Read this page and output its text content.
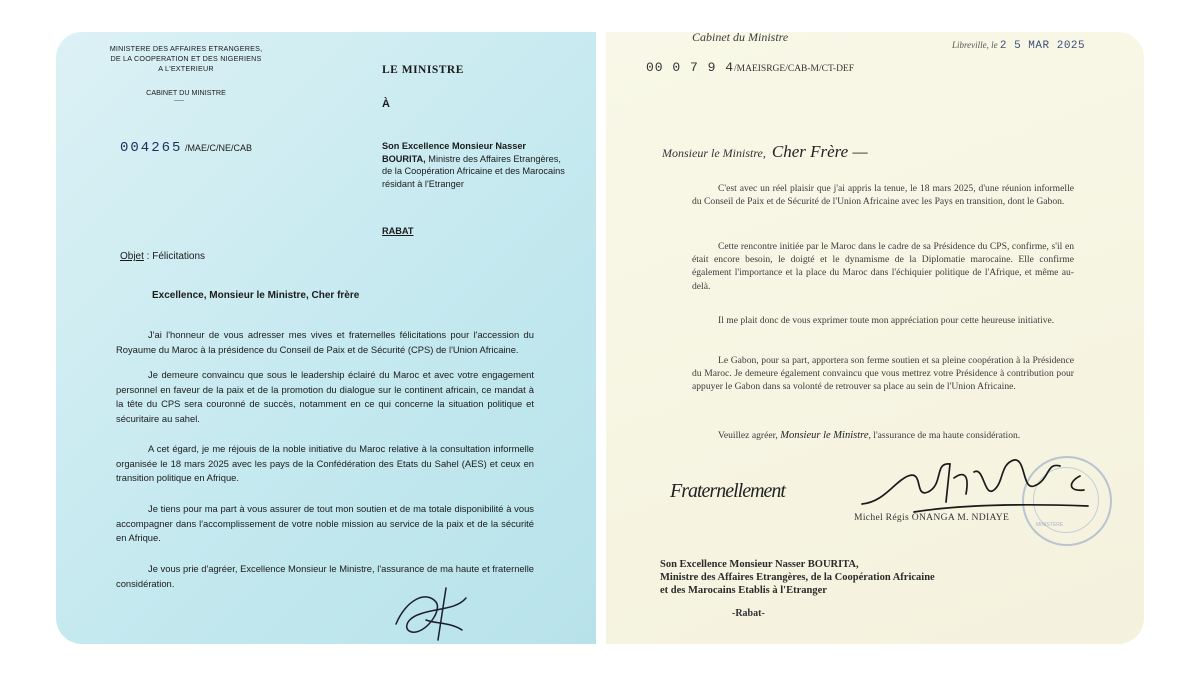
MINISTERE DES AFFAIRES ETRANGERES,
DE LA COOPERATION ET DES NIGERIENS
A L'EXTERIEUR
CABINET DU MINISTRE
--------------
LE MINISTRE
À
004265 /MAE/C/NE/CAB	Son Excellence Monsieur Nasser BOURITA, Ministre des Affaires Etrangères, de la Coopération Africaine et des Marocains résidant à l'Etranger
RABAT
Objet : Félicitations
Excellence, Monsieur le Ministre, Cher frère

J'ai l'honneur de vous adresser mes vives et fraternelles félicitations pour l'accession du Royaume du Maroc à la présidence du Conseil de Paix et de Sécurité (CPS) de l'Union Africaine.

Je demeure convaincu que sous le leadership éclairé du Maroc et avec votre engagement personnel en faveur de la paix et de la promotion du dialogue sur le continent africain, ce mandat à la tête du CPS sera couronné de succès, notamment en ce qui concerne la situation politique et sécuritaire au sahel.

A cet égard, je me réjouis de la noble initiative du Maroc relative à la consultation informelle organisée le 18 mars 2025 avec les pays de la Confédération des Etats du Sahel (AES) et ceux en transition politique en Afrique.

Je tiens pour ma part à vous assurer de tout mon soutien et de ma totale disponibilité à vous accompagner dans l'accomplissement de votre noble mission au service de la paix et de la sécurité en Afrique.

Je vous prie d'agréer, Excellence Monsieur le Ministre, l'assurance de ma haute et fraternelle considération.

Cabinet du Ministre
Libreville, le 2 5 MAR 2025
00 0 7 9 4/MAEISRGE/CAB-M/CT-DEF
Monsieur le Ministre, Cher Frère —

C'est avec un réel plaisir que j'ai appris la tenue, le 18 mars 2025, d'une réunion informelle du Conseil de Paix et de Sécurité de l'Union Africaine avec les Pays en transition, dont le Gabon.

Cette rencontre initiée par le Maroc dans le cadre de sa Présidence du CPS, confirme, s'il en était encore besoin, le doigté et le dynamisme de la Diplomatie marocaine. Elle confirme également l'importance et la place du Maroc dans l'échiquier politique de l'Afrique, et même au-delà.

Il me plait donc de vous exprimer toute mon appréciation pour cette heureuse initiative.

Le Gabon, pour sa part, apportera son ferme soutien et sa pleine coopération à la Présidence du Maroc. Je demeure également convaincu que vous mettrez votre Présidence à contribution pour appuyer le Gabon dans sa volonté de retrouver sa place au sein de l'Union Africaine.

Veuillez agréer, Monsieur le Ministre, l'assurance de ma haute considération.
MINISTERE
Fraternellement
Michel Régis ONANGA M. NDIAYE
Son Excellence Monsieur Nasser BOURITA,
Ministre des Affaires Etrangères, de la Coopération Africaine
et des Marocains Etablis à l'Etranger
-Rabat-
